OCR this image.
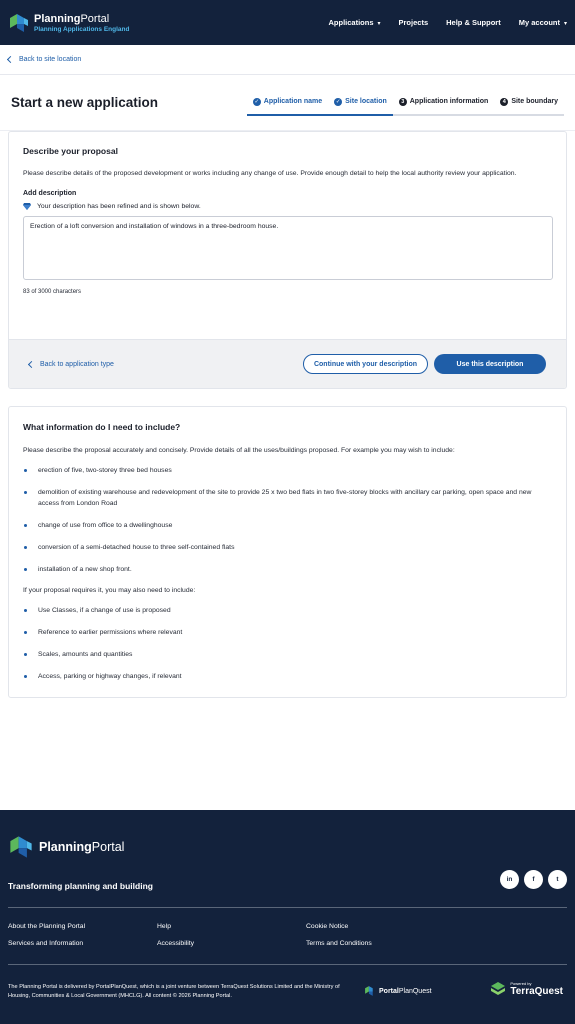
PlanningPortal
Planning Applications England
Applications ▾ Projects Help & Support My account ▾
Back to site location
Start a new application	✓ Application name	✓ Site location	3 Application information	4 Site boundary
Describe your proposal

Please describe details of the proposed development or works including any change of use. Provide enough detail to help the local authority review your application.

Add description
Your description has been refined and is shown below.
Erection of a loft conversion and installation of windows in a three-bedroom house.
83 of 3000 characters
Back to application type	Continue with your description	Use this description
What information do I need to include?

Please describe the proposal accurately and concisely. Provide details of all the uses/buildings proposed. For example you may wish to include:

erection of five, two-storey three bed houses
demolition of existing warehouse and redevelopment of the site to provide 25 x two bed flats in two five-storey blocks with ancillary car parking, open space and new access from London Road
change of use from office to a dwellinghouse
conversion of a semi-detached house to three self-contained flats
installation of a new shop front.

If your proposal requires it, you may also need to include:

Use Classes, if a change of use is proposed
Reference to earlier permissions where relevant
Scales, amounts and quantities
Access, parking or highway changes, if relevant
PlanningPortal
Transforming planning and building
in	f	t
About the Planning Portal	Help	Cookie Notice
Services and Information	Accessibility	Terms and Conditions
The Planning Portal is delivered by PortalPlanQuest, which is a joint venture between TerraQuest Solutions Limited and the Ministry of Housing, Communities & Local Government (MHCLG). All content © 2026 Planning Portal.
PortalPlanQuest
Powered by
TerraQuest
